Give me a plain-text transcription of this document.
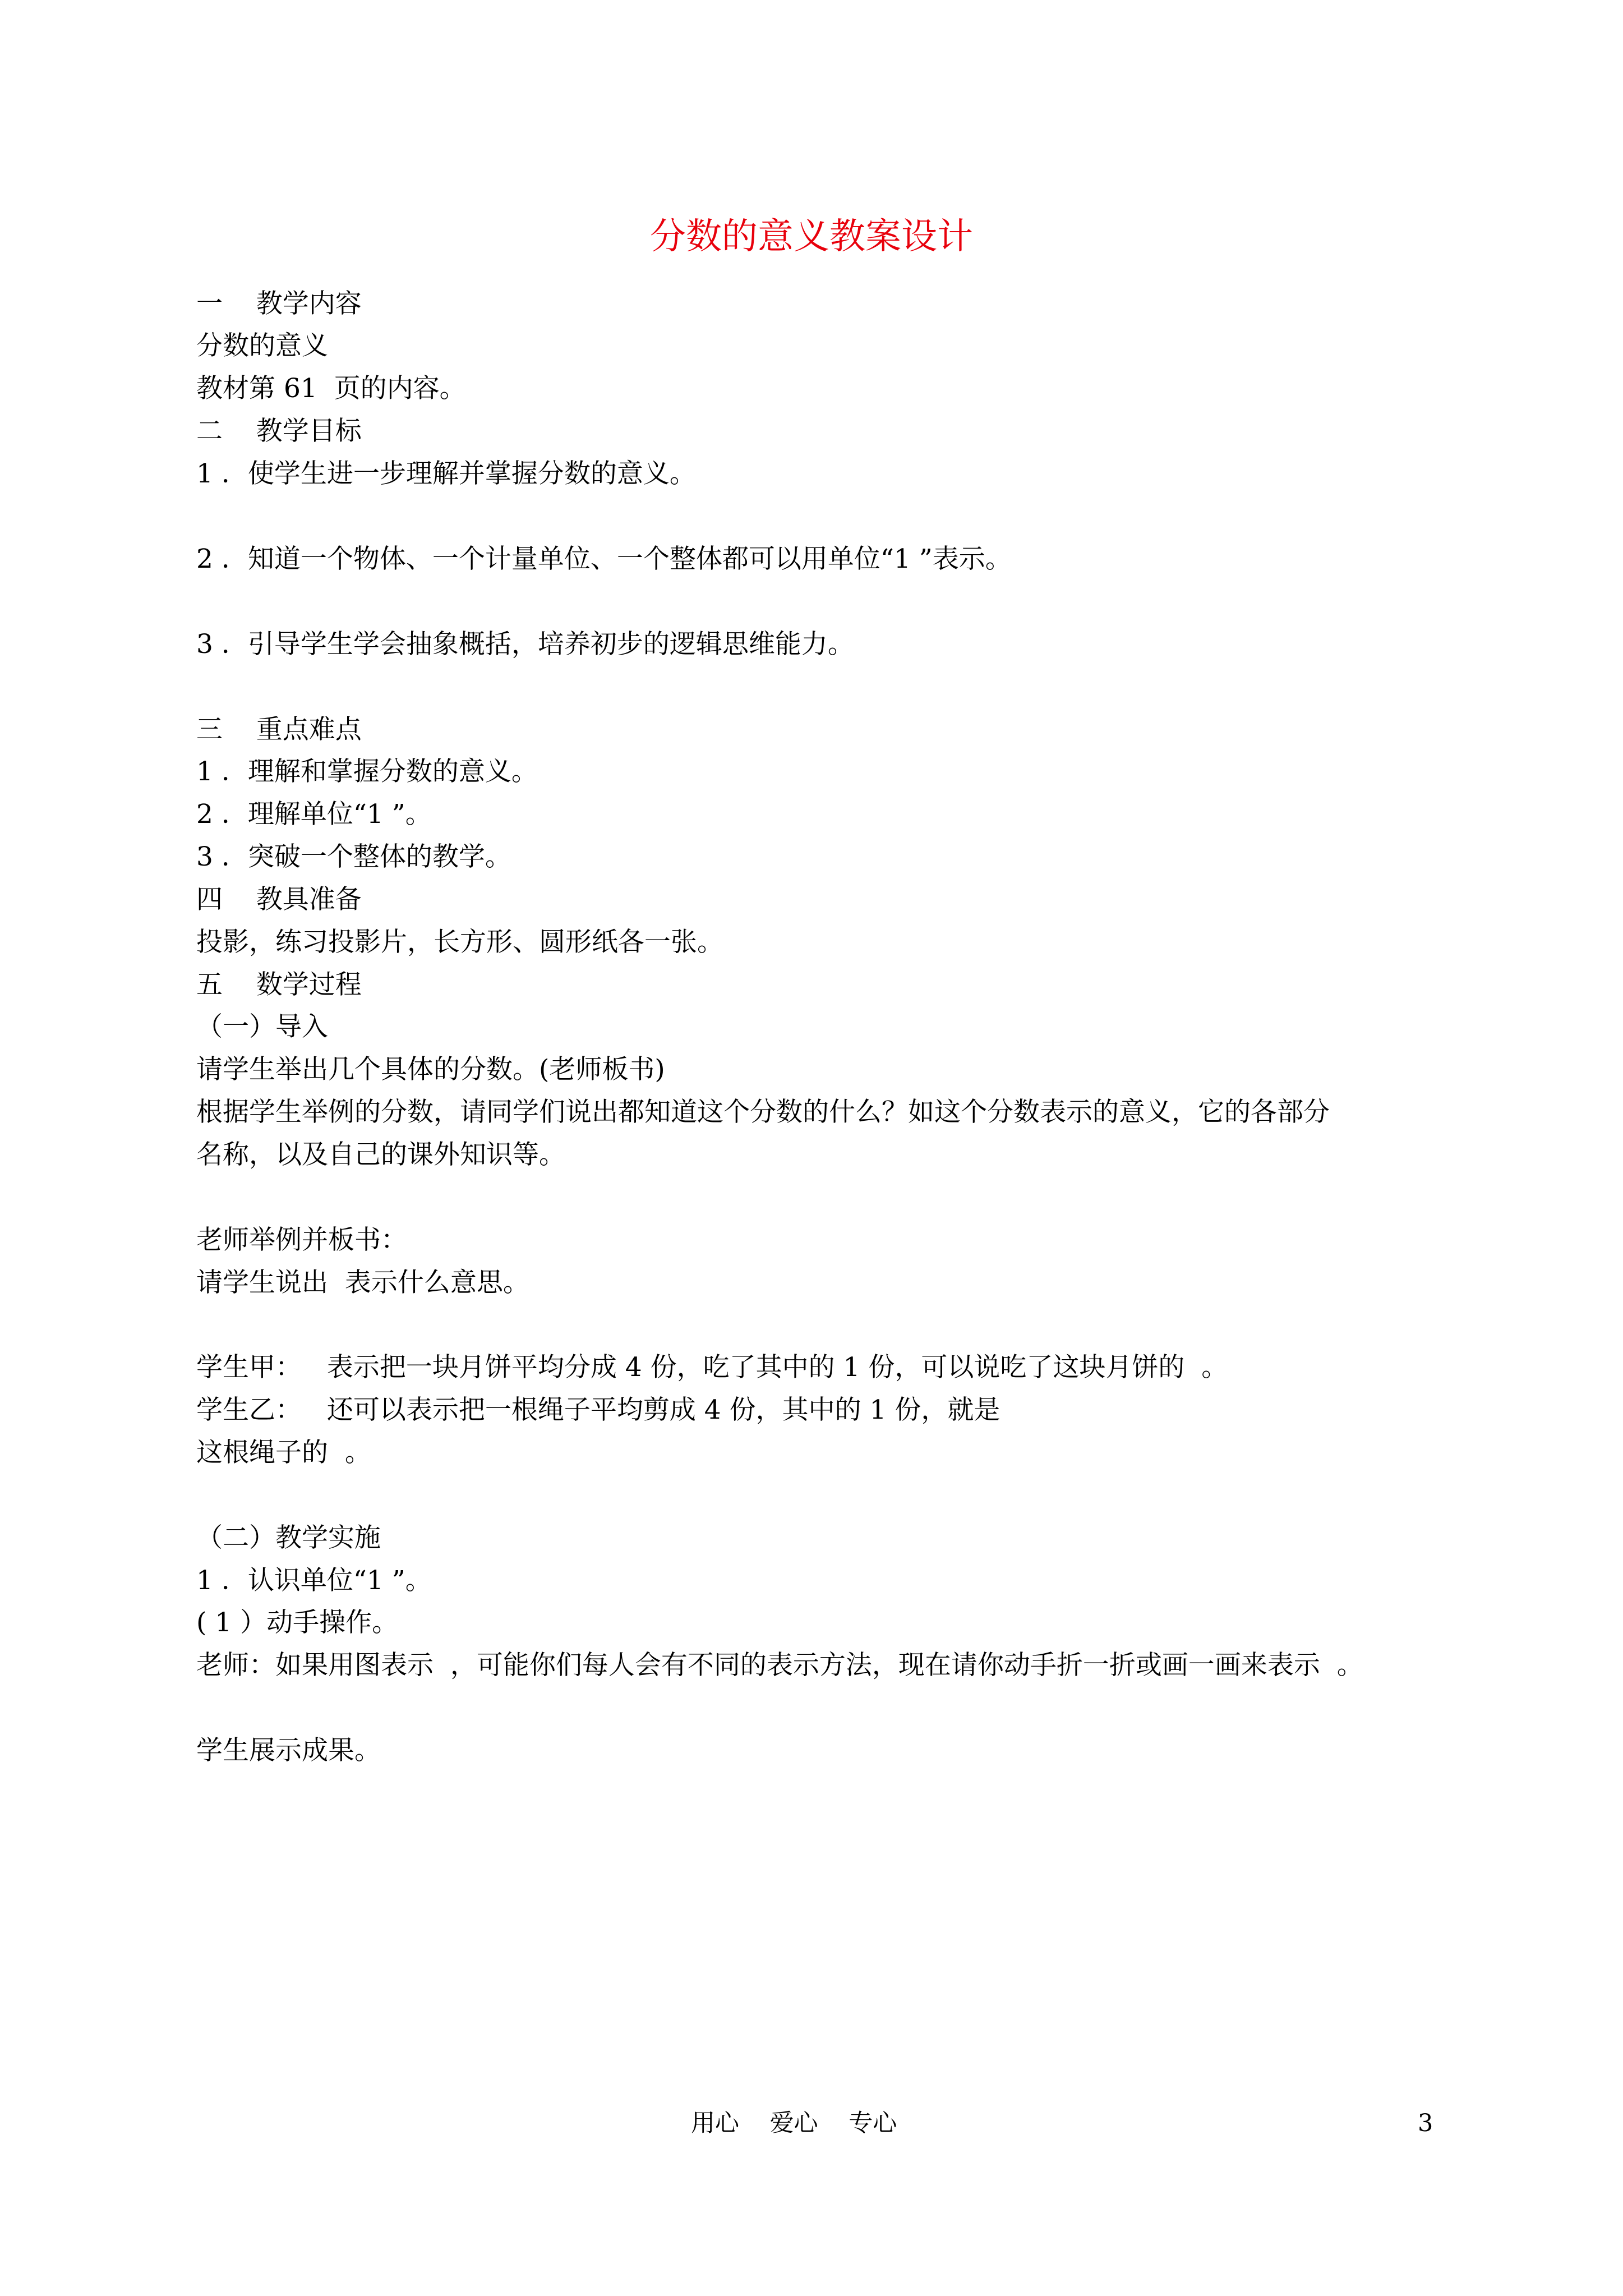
分数的意义教案设计
一    教学内容
分数的意义
教材第 61  页的内容。
二    教学目标
1 ．使学生进一步理解并掌握分数的意义。
2 ．知道一个物体、一个计量单位、一个整体都可以用单位“1 ”表示。
3 ．引导学生学会抽象概括，培养初步的逻辑思维能力。
三    重点难点
1 ．理解和掌握分数的意义。
2 ．理解单位“1 ”。
3 ．突破一个整体的教学。
四    教具准备
投影，练习投影片，长方形、圆形纸各一张。
五    数学过程
（一）导入
请学生举出几个具体的分数。(老师板书)
根据学生举例的分数，请同学们说出都知道这个分数的什么？如这个分数表示的意义，它的各部分
名称，以及自己的课外知识等。
老师举例并板书：
请学生说出  表示什么意思。
学生甲：   表示把一块月饼平均分成 4 份，吃了其中的 1 份，可以说吃了这块月饼的  。
学生乙：   还可以表示把一根绳子平均剪成 4 份，其中的 1 份，就是
这根绳子的  。
（二）教学实施
1 ．认识单位“1 ”。
( 1 ）动手操作。
老师：如果用图表示  ，可能你们每人会有不同的表示方法，现在请你动手折一折或画一画来表示  。
学生展示成果。
用心    爱心    专心	3
